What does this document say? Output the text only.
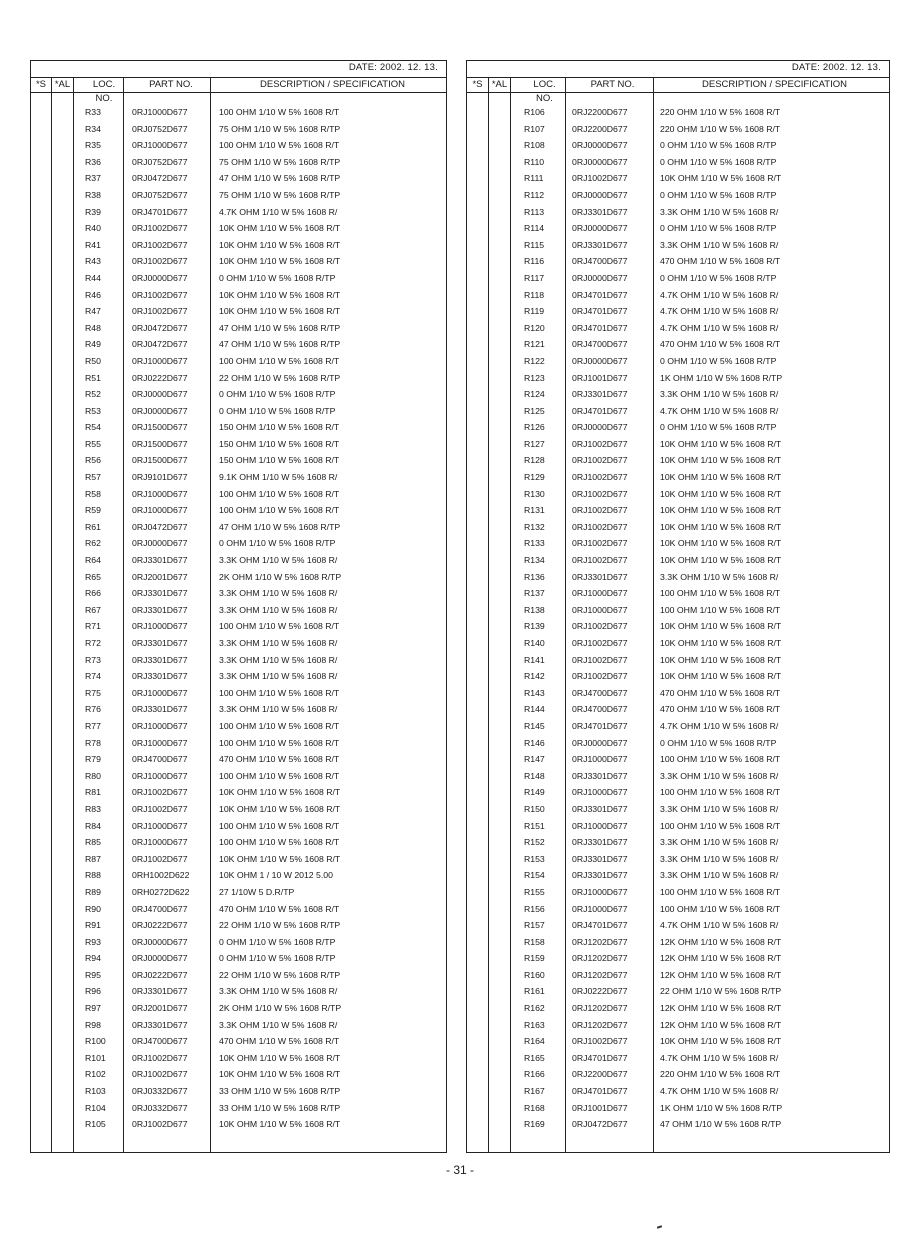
DATE: 2002. 12. 13.
*S *AL	LOC. NO.
PART NO.	DESCRIPTION / SPECIFICATION
R33	0RJ1000D677	100 OHM 1/10 W 5% 1608 R/T
R34	0RJ0752D677	75 OHM 1/10 W 5% 1608 R/TP
R35	0RJ1000D677	100 OHM 1/10 W 5% 1608 R/T
R36	0RJ0752D677	75 OHM 1/10 W 5% 1608 R/TP
R37	0RJ0472D677	47 OHM 1/10 W 5% 1608 R/TP
R38	0RJ0752D677	75 OHM 1/10 W 5% 1608 R/TP
R39	0RJ4701D677	4.7K OHM 1/10 W 5% 1608 R/
R40	0RJ1002D677	10K OHM 1/10 W 5% 1608 R/T
R41	0RJ1002D677	10K OHM 1/10 W 5% 1608 R/T
R43	0RJ1002D677	10K OHM 1/10 W 5% 1608 R/T
R44	0RJ0000D677	0 OHM 1/10 W 5% 1608 R/TP
R46	0RJ1002D677	10K OHM 1/10 W 5% 1608 R/T
R47	0RJ1002D677	10K OHM 1/10 W 5% 1608 R/T
R48	0RJ0472D677	47 OHM 1/10 W 5% 1608 R/TP
R49	0RJ0472D677	47 OHM 1/10 W 5% 1608 R/TP
R50	0RJ1000D677	100 OHM 1/10 W 5% 1608 R/T
R51	0RJ0222D677	22 OHM 1/10 W 5% 1608 R/TP
R52	0RJ0000D677	0 OHM 1/10 W 5% 1608 R/TP
R53	0RJ0000D677	0 OHM 1/10 W 5% 1608 R/TP
R54	0RJ1500D677	150 OHM 1/10 W 5% 1608 R/T
R55	0RJ1500D677	150 OHM 1/10 W 5% 1608 R/T
R56	0RJ1500D677	150 OHM 1/10 W 5% 1608 R/T
R57	0RJ9101D677	9.1K OHM 1/10 W 5% 1608 R/
R58	0RJ1000D677	100 OHM 1/10 W 5% 1608 R/T
R59	0RJ1000D677	100 OHM 1/10 W 5% 1608 R/T
R61	0RJ0472D677	47 OHM 1/10 W 5% 1608 R/TP
R62	0RJ0000D677	0 OHM 1/10 W 5% 1608 R/TP
R64	0RJ3301D677	3.3K OHM 1/10 W 5% 1608 R/
R65	0RJ2001D677	2K OHM 1/10 W 5% 1608 R/TP
R66	0RJ3301D677	3.3K OHM 1/10 W 5% 1608 R/
R67	0RJ3301D677	3.3K OHM 1/10 W 5% 1608 R/
R71	0RJ1000D677	100 OHM 1/10 W 5% 1608 R/T
R72	0RJ3301D677	3.3K OHM 1/10 W 5% 1608 R/
R73	0RJ3301D677	3.3K OHM 1/10 W 5% 1608 R/
R74	0RJ3301D677	3.3K OHM 1/10 W 5% 1608 R/
R75	0RJ1000D677	100 OHM 1/10 W 5% 1608 R/T
R76	0RJ3301D677	3.3K OHM 1/10 W 5% 1608 R/
R77	0RJ1000D677	100 OHM 1/10 W 5% 1608 R/T
R78	0RJ1000D677	100 OHM 1/10 W 5% 1608 R/T
R79	0RJ4700D677	470 OHM 1/10 W 5% 1608 R/T
R80	0RJ1000D677	100 OHM 1/10 W 5% 1608 R/T
R81	0RJ1002D677	10K OHM 1/10 W 5% 1608 R/T
R83	0RJ1002D677	10K OHM 1/10 W 5% 1608 R/T
R84	0RJ1000D677	100 OHM 1/10 W 5% 1608 R/T
R85	0RJ1000D677	100 OHM 1/10 W 5% 1608 R/T
R87	0RJ1002D677	10K OHM 1/10 W 5% 1608 R/T
R88	0RH1002D622	10K OHM 1 / 10 W 2012 5.00
R89	0RH0272D622	27 1/10W 5 D.R/TP
R90	0RJ4700D677	470 OHM 1/10 W 5% 1608 R/T
R91	0RJ0222D677	22 OHM 1/10 W 5% 1608 R/TP
R93	0RJ0000D677	0 OHM 1/10 W 5% 1608 R/TP
R94	0RJ0000D677	0 OHM 1/10 W 5% 1608 R/TP
R95	0RJ0222D677	22 OHM 1/10 W 5% 1608 R/TP
R96	0RJ3301D677	3.3K OHM 1/10 W 5% 1608 R/
R97	0RJ2001D677	2K OHM 1/10 W 5% 1608 R/TP
R98	0RJ3301D677	3.3K OHM 1/10 W 5% 1608 R/
R100	0RJ4700D677	470 OHM 1/10 W 5% 1608 R/T
R101	0RJ1002D677	10K OHM 1/10 W 5% 1608 R/T
R102	0RJ1002D677	10K OHM 1/10 W 5% 1608 R/T
R103	0RJ0332D677	33 OHM 1/10 W 5% 1608 R/TP
R104	0RJ0332D677	33 OHM 1/10 W 5% 1608 R/TP
R105	0RJ1002D677	10K OHM 1/10 W 5% 1608 R/T
DATE: 2002. 12. 13.
*S *AL	LOC. NO.
PART NO.	DESCRIPTION / SPECIFICATION
R106	0RJ2200D677	220 OHM 1/10 W 5% 1608 R/T
R107	0RJ2200D677	220 OHM 1/10 W 5% 1608 R/T
R108	0RJ0000D677	0 OHM 1/10 W 5% 1608 R/TP
R110	0RJ0000D677	0 OHM 1/10 W 5% 1608 R/TP
R111	0RJ1002D677	10K OHM 1/10 W 5% 1608 R/T
R112	0RJ0000D677	0 OHM 1/10 W 5% 1608 R/TP
R113	0RJ3301D677	3.3K OHM 1/10 W 5% 1608 R/
R114	0RJ0000D677	0 OHM 1/10 W 5% 1608 R/TP
R115	0RJ3301D677	3.3K OHM 1/10 W 5% 1608 R/
R116	0RJ4700D677	470 OHM 1/10 W 5% 1608 R/T
R117	0RJ0000D677	0 OHM 1/10 W 5% 1608 R/TP
R118	0RJ4701D677	4.7K OHM 1/10 W 5% 1608 R/
R119	0RJ4701D677	4.7K OHM 1/10 W 5% 1608 R/
R120	0RJ4701D677	4.7K OHM 1/10 W 5% 1608 R/
R121	0RJ4700D677	470 OHM 1/10 W 5% 1608 R/T
R122	0RJ0000D677	0 OHM 1/10 W 5% 1608 R/TP
R123	0RJ1001D677	1K OHM 1/10 W 5% 1608 R/TP
R124	0RJ3301D677	3.3K OHM 1/10 W 5% 1608 R/
R125	0RJ4701D677	4.7K OHM 1/10 W 5% 1608 R/
R126	0RJ0000D677	0 OHM 1/10 W 5% 1608 R/TP
R127	0RJ1002D677	10K OHM 1/10 W 5% 1608 R/T
R128	0RJ1002D677	10K OHM 1/10 W 5% 1608 R/T
R129	0RJ1002D677	10K OHM 1/10 W 5% 1608 R/T
R130	0RJ1002D677	10K OHM 1/10 W 5% 1608 R/T
R131	0RJ1002D677	10K OHM 1/10 W 5% 1608 R/T
R132	0RJ1002D677	10K OHM 1/10 W 5% 1608 R/T
R133	0RJ1002D677	10K OHM 1/10 W 5% 1608 R/T
R134	0RJ1002D677	10K OHM 1/10 W 5% 1608 R/T
R136	0RJ3301D677	3.3K OHM 1/10 W 5% 1608 R/
R137	0RJ1000D677	100 OHM 1/10 W 5% 1608 R/T
R138	0RJ1000D677	100 OHM 1/10 W 5% 1608 R/T
R139	0RJ1002D677	10K OHM 1/10 W 5% 1608 R/T
R140	0RJ1002D677	10K OHM 1/10 W 5% 1608 R/T
R141	0RJ1002D677	10K OHM 1/10 W 5% 1608 R/T
R142	0RJ1002D677	10K OHM 1/10 W 5% 1608 R/T
R143	0RJ4700D677	470 OHM 1/10 W 5% 1608 R/T
R144	0RJ4700D677	470 OHM 1/10 W 5% 1608 R/T
R145	0RJ4701D677	4.7K OHM 1/10 W 5% 1608 R/
R146	0RJ0000D677	0 OHM 1/10 W 5% 1608 R/TP
R147	0RJ1000D677	100 OHM 1/10 W 5% 1608 R/T
R148	0RJ3301D677	3.3K OHM 1/10 W 5% 1608 R/
R149	0RJ1000D677	100 OHM 1/10 W 5% 1608 R/T
R150	0RJ3301D677	3.3K OHM 1/10 W 5% 1608 R/
R151	0RJ1000D677	100 OHM 1/10 W 5% 1608 R/T
R152	0RJ3301D677	3.3K OHM 1/10 W 5% 1608 R/
R153	0RJ3301D677	3.3K OHM 1/10 W 5% 1608 R/
R154	0RJ3301D677	3.3K OHM 1/10 W 5% 1608 R/
R155	0RJ1000D677	100 OHM 1/10 W 5% 1608 R/T
R156	0RJ1000D677	100 OHM 1/10 W 5% 1608 R/T
R157	0RJ4701D677	4.7K OHM 1/10 W 5% 1608 R/
R158	0RJ1202D677	12K OHM 1/10 W 5% 1608 R/T
R159	0RJ1202D677	12K OHM 1/10 W 5% 1608 R/T
R160	0RJ1202D677	12K OHM 1/10 W 5% 1608 R/T
R161	0RJ0222D677	22 OHM 1/10 W 5% 1608 R/TP
R162	0RJ1202D677	12K OHM 1/10 W 5% 1608 R/T
R163	0RJ1202D677	12K OHM 1/10 W 5% 1608 R/T
R164	0RJ1002D677	10K OHM 1/10 W 5% 1608 R/T
R165	0RJ4701D677	4.7K OHM 1/10 W 5% 1608 R/
R166	0RJ2200D677	220 OHM 1/10 W 5% 1608 R/T
R167	0RJ4701D677	4.7K OHM 1/10 W 5% 1608 R/
R168	0RJ1001D677	1K OHM 1/10 W 5% 1608 R/TP
R169	0RJ0472D677	47 OHM 1/10 W 5% 1608 R/TP
- 31 -
